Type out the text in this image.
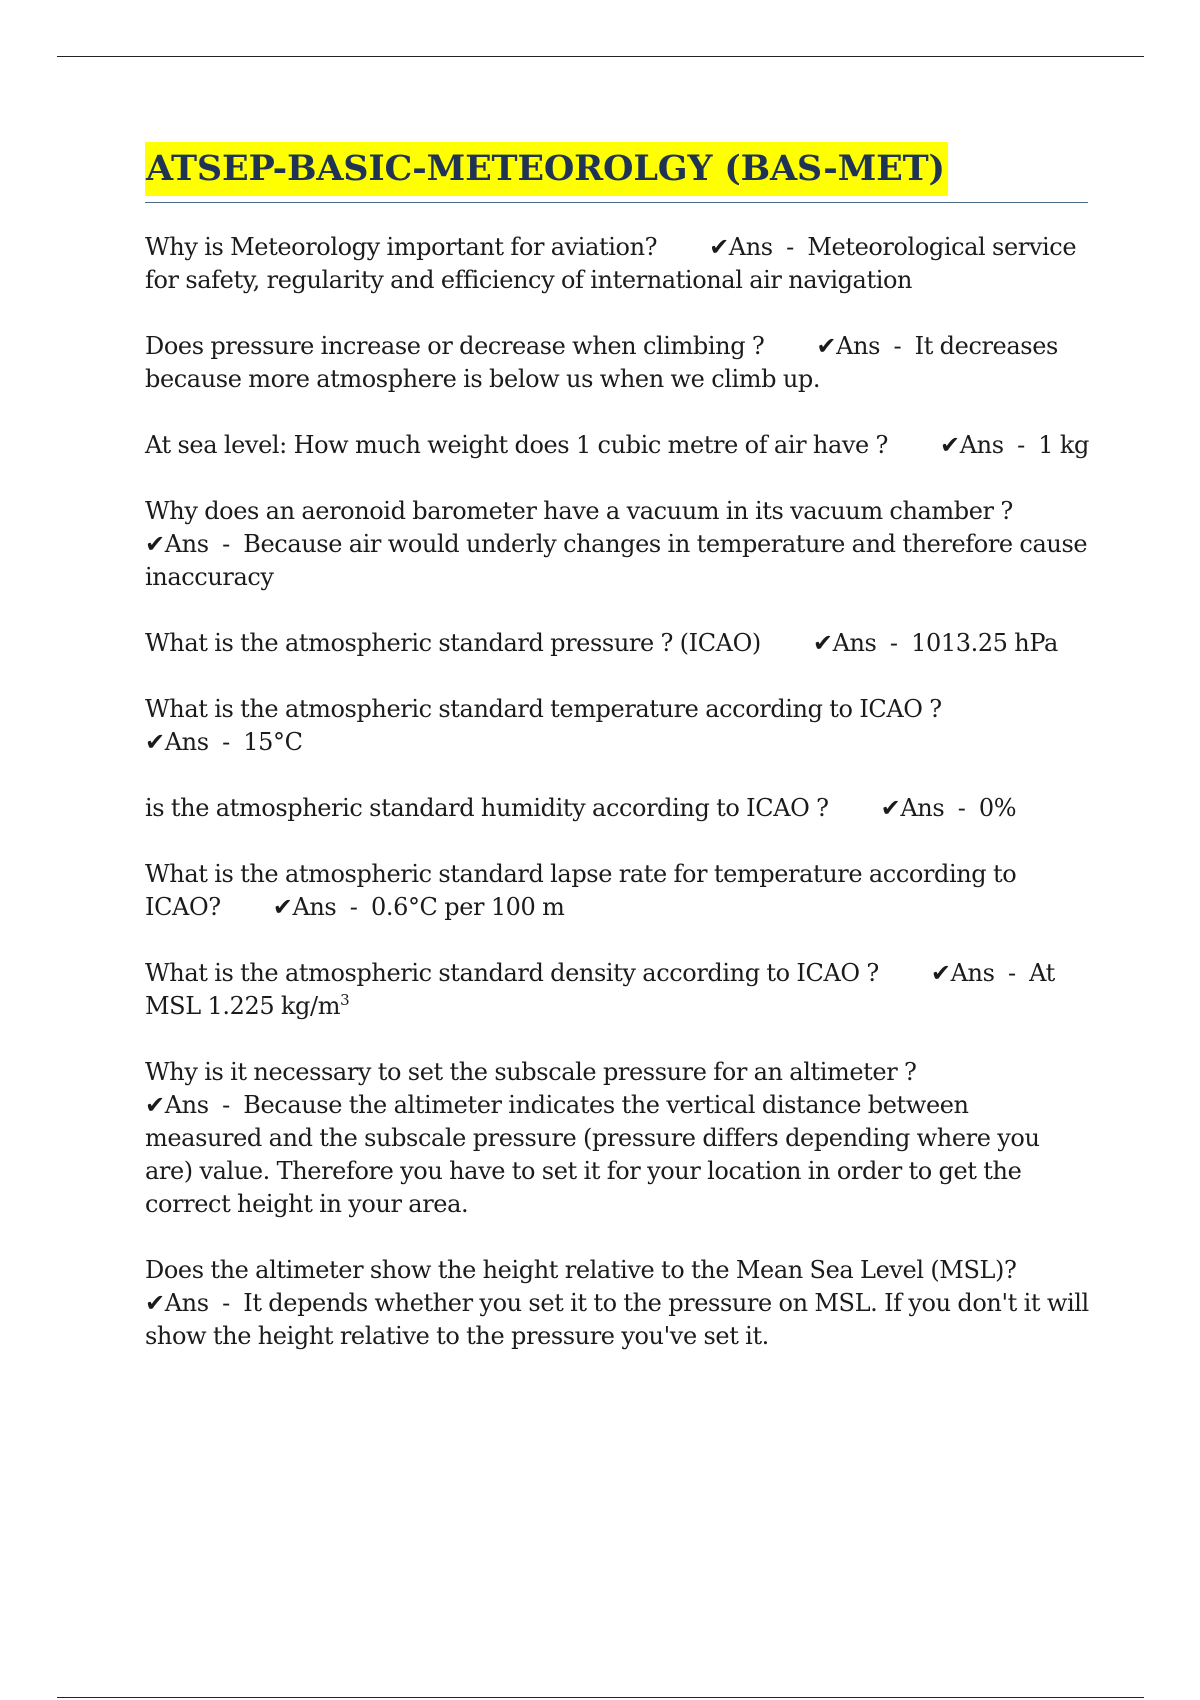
ATSEP-BASIC-METEOROLGY (BAS-MET)

Why is Meteorology important for aviation? ✔Ans  -  Meteorological service for safety, regularity and efficiency of international air navigation

Does pressure increase or decrease when climbing ? ✔Ans  -  It decreases because more atmosphere is below us when we climb up.

At sea level: How much weight does 1 cubic metre of air have ? ✔Ans  -  1 kg

Why does an aeronoid barometer have a vacuum in its vacuum chamber ?✔Ans  -  Because air would underly changes in temperature and therefore cause inaccuracy

What is the atmospheric standard pressure ? (ICAO) ✔Ans  -  1013.25 hPa

What is the atmospheric standard temperature according to ICAO ?✔Ans  -  15°C

is the atmospheric standard humidity according to ICAO ? ✔Ans  -  0%

What is the atmospheric standard lapse rate for temperature according to ICAO? ✔Ans  -  0.6°C per 100 m

What is the atmospheric standard density according to ICAO ? ✔Ans  -  At MSL 1.225 $kg/m^3$

Why is it necessary to set the subscale pressure for an altimeter ?✔Ans  -  Because the altimeter indicates the vertical distance between measured and the subscale pressure (pressure differs depending where you are) value. Therefore you have to set it for your location in order to get the correct height in your area.

Does the altimeter show the height relative to the Mean Sea Level (MSL)?✔Ans  -  It depends whether you set it to the pressure on MSL. If you don't it will show the height relative to the pressure you've set it.
